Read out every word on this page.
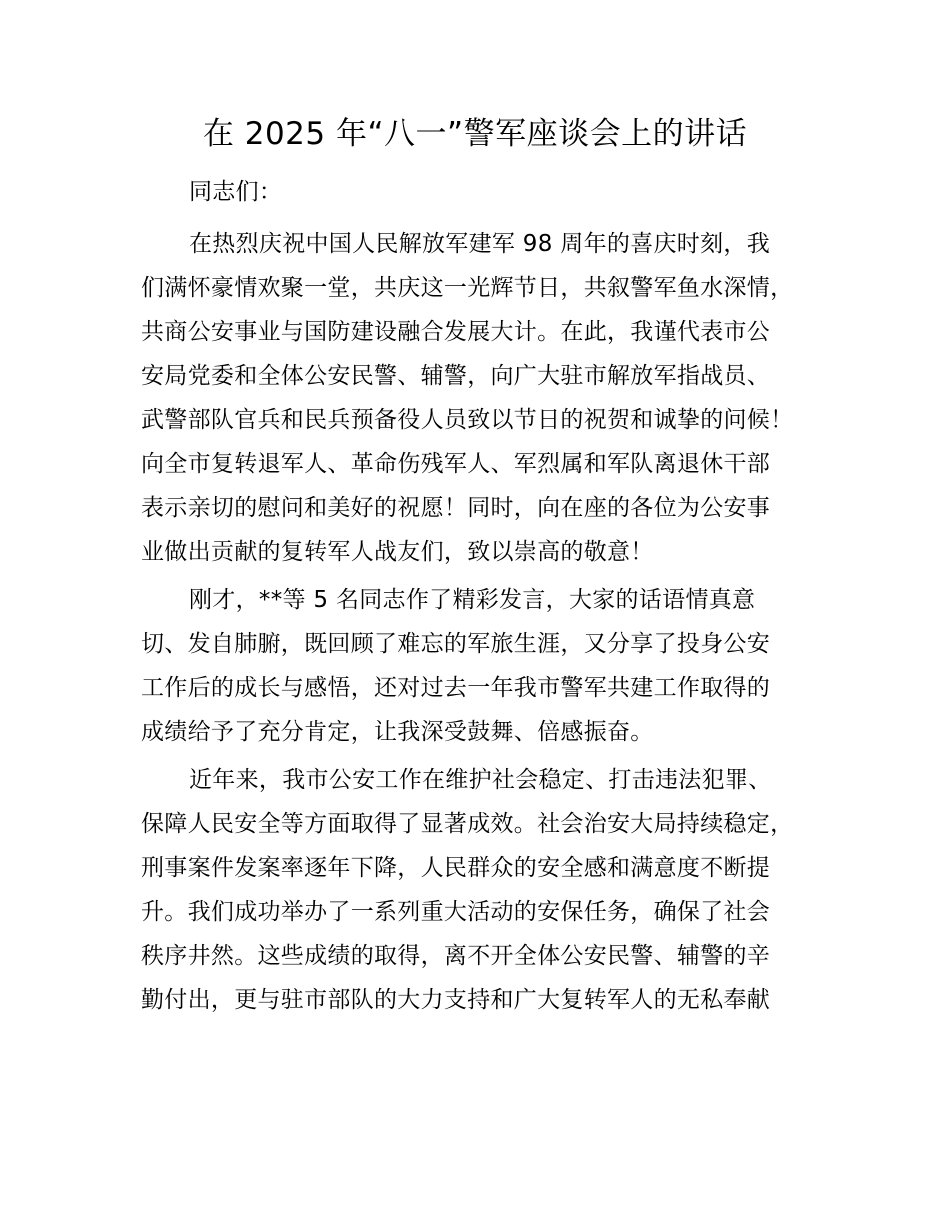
在 2025 年“八一”警军座谈会上的讲话
同志们：
在热烈庆祝中国人民解放军建军 98 周年的喜庆时刻，我
们满怀豪情欢聚一堂，共庆这一光辉节日，共叙警军鱼水深情，
共商公安事业与国防建设融合发展大计。在此，我谨代表市公
安局党委和全体公安民警、辅警，向广大驻市解放军指战员、
武警部队官兵和民兵预备役人员致以节日的祝贺和诚挚的问候！
向全市复转退军人、革命伤残军人、军烈属和军队离退休干部
表示亲切的慰问和美好的祝愿！同时，向在座的各位为公安事
业做出贡献的复转军人战友们，致以崇高的敬意！
刚才，**等 5 名同志作了精彩发言，大家的话语情真意
切、发自肺腑，既回顾了难忘的军旅生涯，又分享了投身公安
工作后的成长与感悟，还对过去一年我市警军共建工作取得的
成绩给予了充分肯定，让我深受鼓舞、倍感振奋。
近年来，我市公安工作在维护社会稳定、打击违法犯罪、
保障人民安全等方面取得了显著成效。社会治安大局持续稳定，
刑事案件发案率逐年下降，人民群众的安全感和满意度不断提
升。我们成功举办了一系列重大活动的安保任务，确保了社会
秩序井然。这些成绩的取得，离不开全体公安民警、辅警的辛
勤付出，更与驻市部队的大力支持和广大复转军人的无私奉献
